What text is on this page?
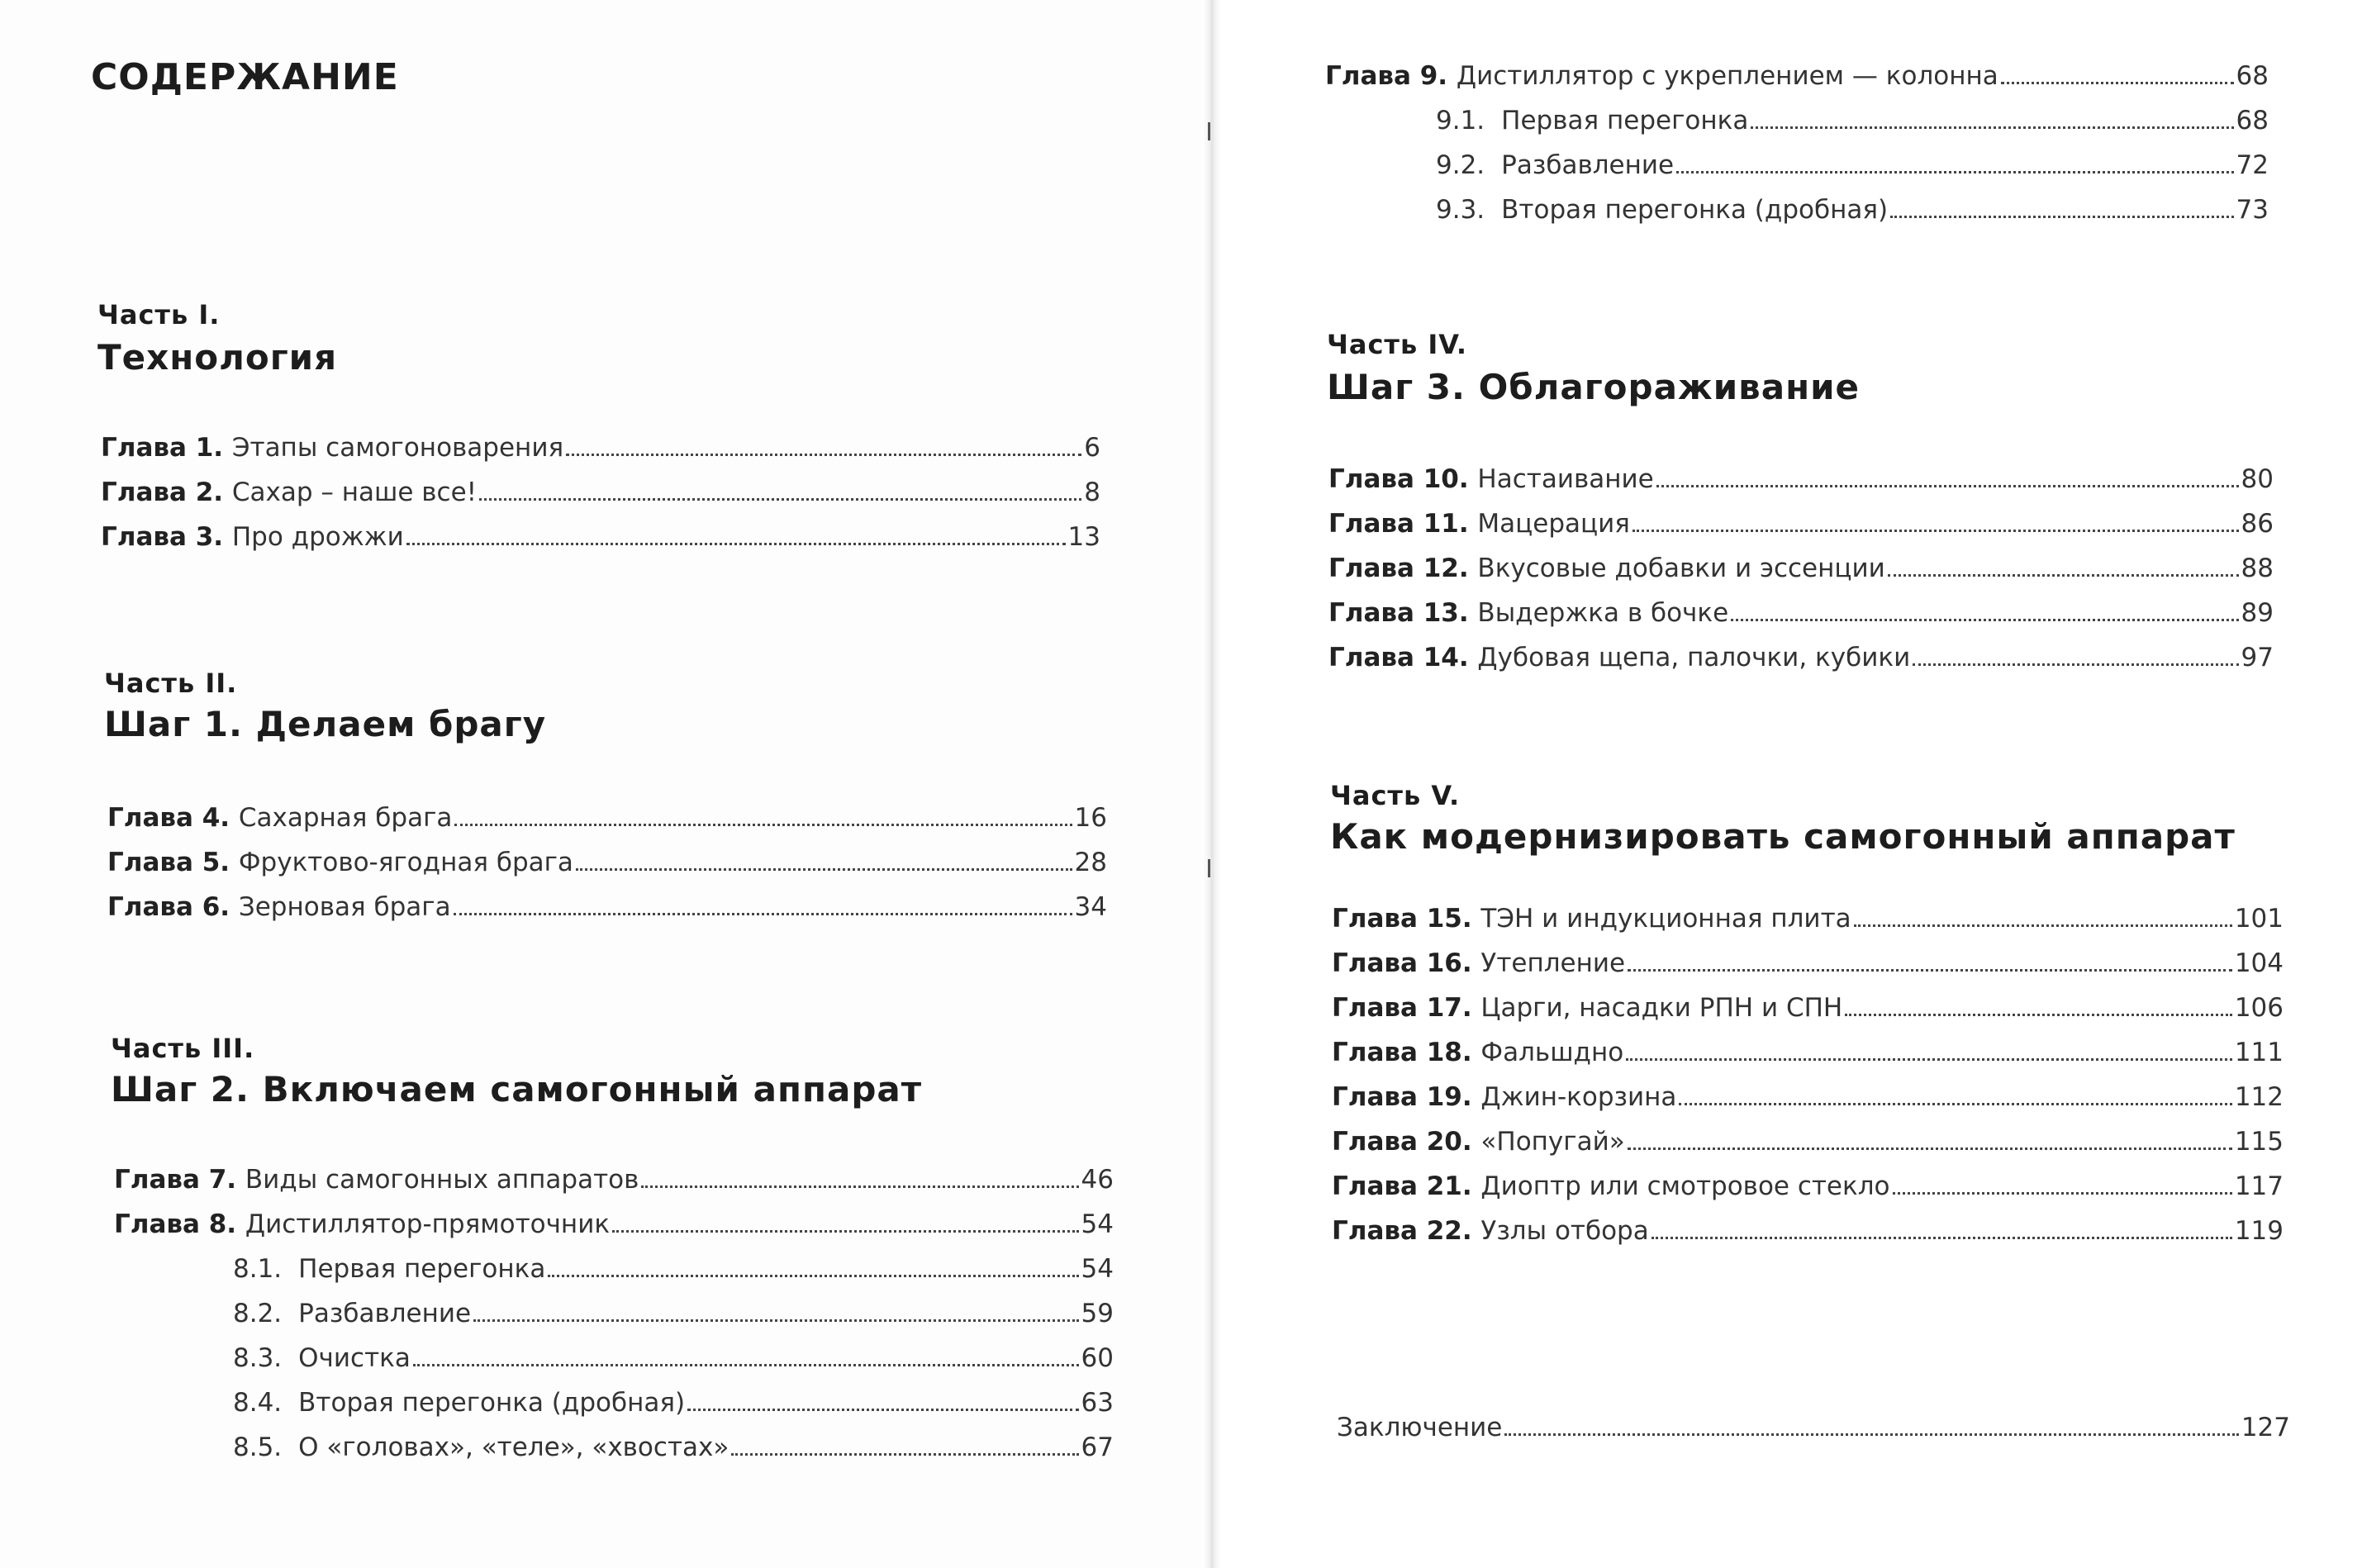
СОДЕРЖАНИЕ
Часть I.
Технология
Глава 1. Этапы самогоноварения	6
Глава 2. Сахар – наше все!	8
Глава 3. Про дрожжи	13
Часть II.
Шаг 1. Делаем брагу
Глава 4. Сахарная брага	16
Глава 5. Фруктово-ягодная брага	28
Глава 6. Зерновая брага	34
Часть III.
Шаг 2. Включаем самогонный аппарат
Глава 7. Виды самогонных аппаратов	46
Глава 8. Дистиллятор-прямоточник	54
8.1. Первая перегонка	54
8.2. Разбавление	59
8.3. Очистка	60
8.4. Вторая перегонка (дробная)	63
8.5. О «головах», «теле», «хвостах»	67
Глава 9. Дистиллятор с укреплением — колонна	68
9.1. Первая перегонка	68
9.2. Разбавление	72
9.3. Вторая перегонка (дробная)	73
Часть IV.
Шаг 3. Облагораживание
Глава 10. Настаивание	80
Глава 11. Мацерация	86
Глава 12. Вкусовые добавки и эссенции	88
Глава 13. Выдержка в бочке	89
Глава 14. Дубовая щепа, палочки, кубики	97
Часть V.
Как модернизировать самогонный аппарат
Глава 15. ТЭН и индукционная плита	101
Глава 16. Утепление	104
Глава 17. Царги, насадки РПН и СПН	106
Глава 18. Фальшдно	111
Глава 19. Джин-корзина	112
Глава 20. «Попугай»	115
Глава 21. Диоптр или смотровое стекло	117
Глава 22. Узлы отбора	119
Заключение	127
